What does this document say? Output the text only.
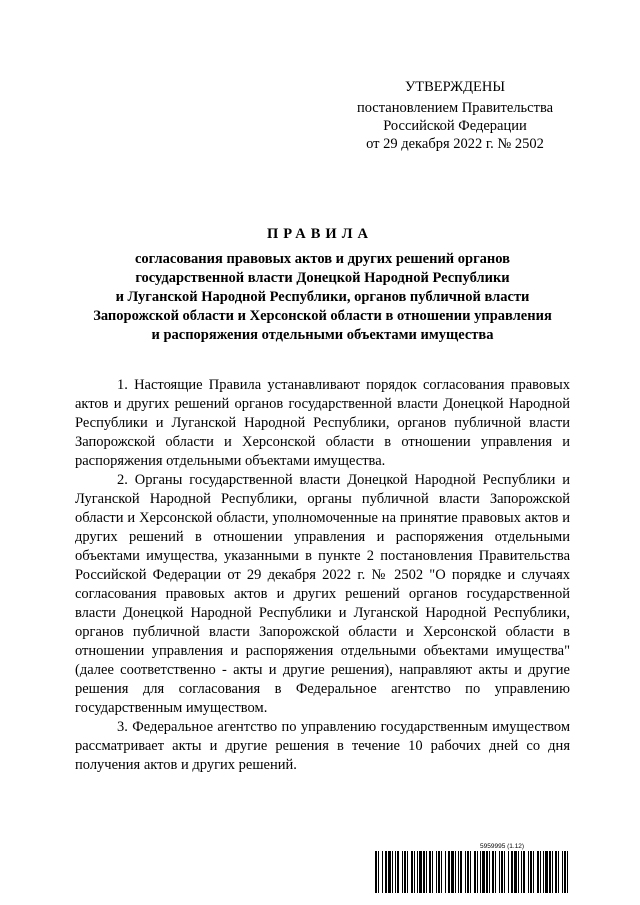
УТВЕРЖДЕНЫ
постановлением Правительства
Российской Федерации
от 29 декабря 2022 г. № 2502
ПРАВИЛА
согласования правовых актов и других решений органов
государственной власти Донецкой Народной Республики
и Луганской Народной Республики, органов публичной власти
Запорожской области и Херсонской области в отношении управления
и распоряжения отдельными объектами имущества

1. Настоящие Правила устанавливают порядок согласования правовых актов и других решений органов государственной власти Донецкой Народной Республики и Луганской Народной Республики, органов публичной власти Запорожской области и Херсонской области в отношении управления и распоряжения отдельными объектами имущества.

2. Органы государственной власти Донецкой Народной Республики и Луганской Народной Республики, органы публичной власти Запорожской области и Херсонской области, уполномоченные на принятие правовых актов и других решений в отношении управления и распоряжения отдельными объектами имущества, указанными в пункте 2 постановления Правительства Российской Федерации от 29 декабря 2022 г. № 2502 "О порядке и случаях согласования правовых актов и других решений органов государственной власти Донецкой Народной Республики и Луганской Народной Республики, органов публичной власти Запорожской области и Херсонской области в отношении управления и распоряжения отдельными объектами имущества" (далее соответственно - акты и другие решения), направляют акты и другие решения для согласования в Федеральное агентство по управлению государственным имуществом.

3. Федеральное агентство по управлению государственным имуществом рассматривает акты и другие решения в течение 10 рабочих дней со дня получения актов и других решений.

5959995 (1.12)
